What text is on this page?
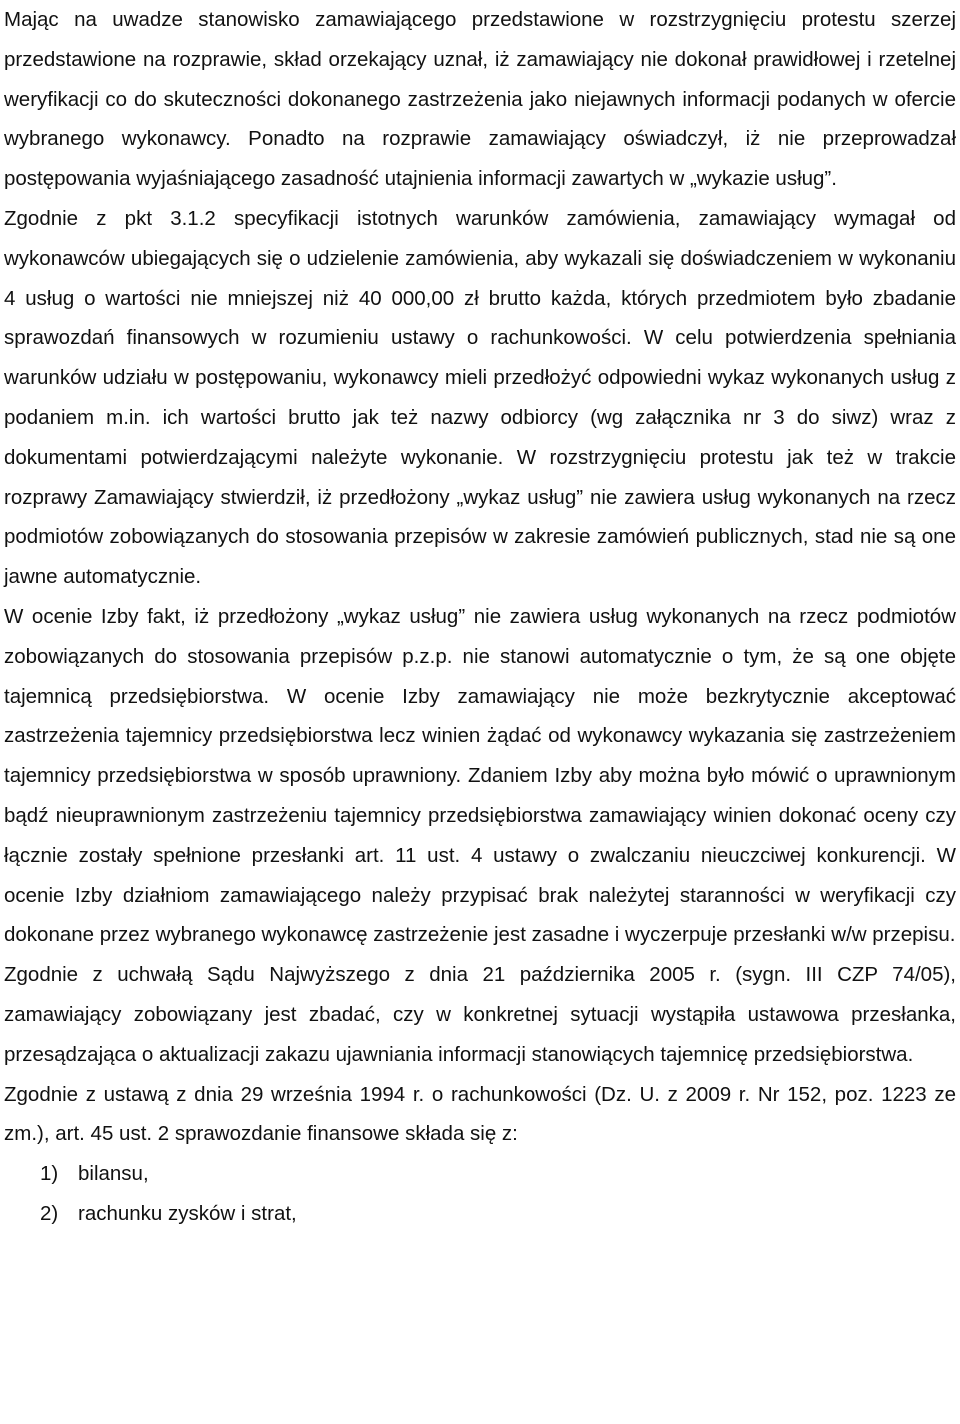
Mając na uwadze stanowisko zamawiającego przedstawione w rozstrzygnięciu protestu szerzej przedstawione na rozprawie, skład orzekający uznał, iż zamawiający nie dokonał prawidłowej i rzetelnej weryfikacji co do skuteczności dokonanego zastrzeżenia jako niejawnych informacji podanych w ofercie wybranego wykonawcy. Ponadto na rozprawie zamawiający oświadczył, iż nie przeprowadzał postępowania wyjaśniającego zasadność utajnienia informacji zawartych w „wykazie usług”.

Zgodnie z pkt 3.1.2 specyfikacji istotnych warunków zamówienia, zamawiający wymagał od wykonawców ubiegających się o udzielenie zamówienia, aby wykazali się doświadczeniem w wykonaniu 4 usług o wartości nie mniejszej niż 40 000,00 zł brutto każda, których przedmiotem było zbadanie sprawozdań finansowych w rozumieniu ustawy o rachunkowości. W celu potwierdzenia spełniania warunków udziału w postępowaniu, wykonawcy mieli przedłożyć odpowiedni wykaz wykonanych usług z podaniem m.in. ich wartości brutto jak też nazwy odbiorcy (wg załącznika nr 3 do siwz) wraz z dokumentami potwierdzającymi należyte wykonanie. W rozstrzygnięciu protestu jak też w trakcie rozprawy Zamawiający stwierdził, iż przedłożony „wykaz usług” nie zawiera usług wykonanych na rzecz podmiotów zobowiązanych do stosowania przepisów w zakresie zamówień publicznych, stad nie są one jawne automatycznie.

W ocenie Izby fakt, iż przedłożony „wykaz usług” nie zawiera usług wykonanych na rzecz podmiotów zobowiązanych do stosowania przepisów p.z.p. nie stanowi automatycznie o tym, że są one objęte tajemnicą przedsiębiorstwa. W ocenie Izby zamawiający nie może bezkrytycznie akceptować zastrzeżenia tajemnicy przedsiębiorstwa lecz winien żądać od wykonawcy wykazania się zastrzeżeniem tajemnicy przedsiębiorstwa w sposób uprawniony. Zdaniem Izby aby można było mówić o uprawnionym bądź nieuprawnionym zastrzeżeniu tajemnicy przedsiębiorstwa zamawiający winien dokonać oceny czy łącznie zostały spełnione przesłanki art. 11 ust. 4 ustawy o zwalczaniu nieuczciwej konkurencji. W ocenie Izby działniom zamawiającego należy przypisać brak należytej staranności w weryfikacji czy dokonane przez wybranego wykonawcę zastrzeżenie jest zasadne i wyczerpuje przesłanki w/w przepisu.

Zgodnie z uchwałą Sądu Najwyższego z dnia 21 października 2005 r. (sygn. III CZP 74/05), zamawiający zobowiązany jest zbadać, czy w konkretnej sytuacji wystąpiła ustawowa przesłanka, przesądzająca o aktualizacji zakazu ujawniania informacji stanowiących tajemnicę przedsiębiorstwa.

Zgodnie z ustawą z dnia 29 września 1994 r. o rachunkowości (Dz. U. z 2009 r. Nr 152, poz. 1223 ze zm.), art. 45 ust. 2 sprawozdanie finansowe składa się z:

1) bilansu,
2) rachunku zysków i strat,
